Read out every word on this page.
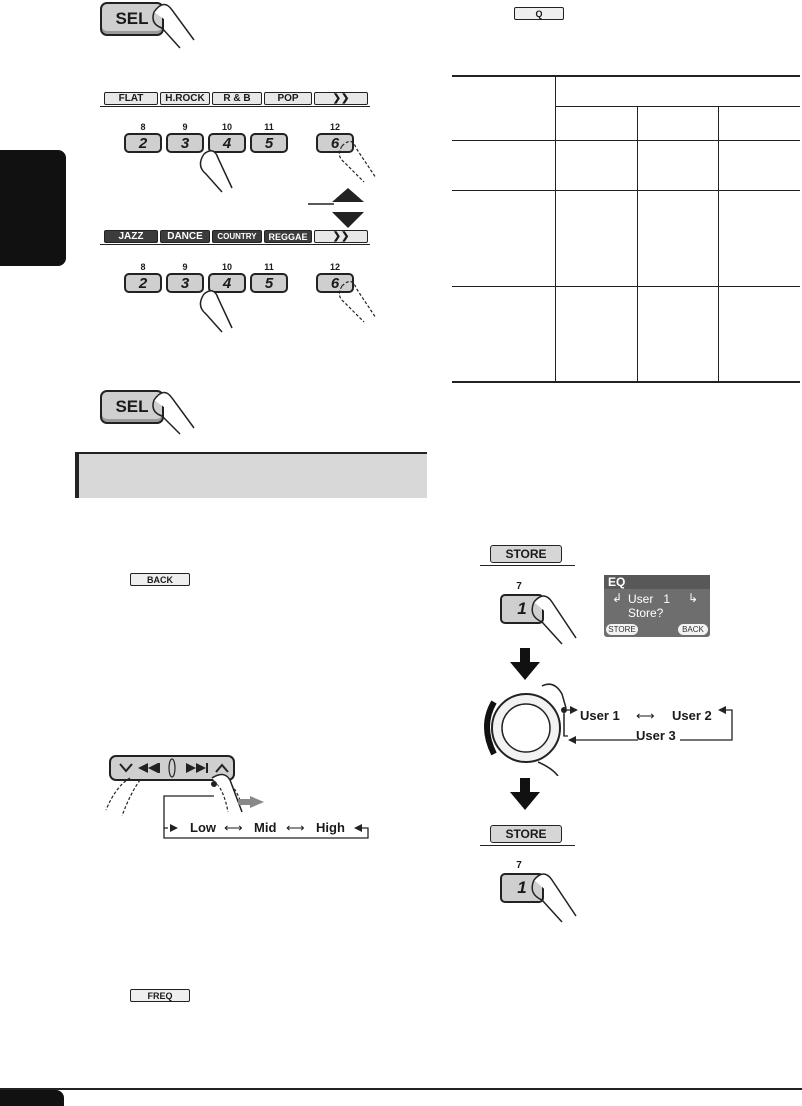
SEL
FLAT	H.ROCK	R & B	POP	❯❯
8	9	10	11	12
2	3	4	5	6
JAZZ	DANCE	COUNTRY	REGGAE	❯❯
8	9	10	11	12
2	3	4	5	6
SEL
BACK
Low ⟷ Mid ⟷ High
FREQ
Q
STORE
7
1
EQ
↲ User   1 ↳
Store?
STORE	BACK
User 1 ⟷ User 2
User 3
STORE
7
1
